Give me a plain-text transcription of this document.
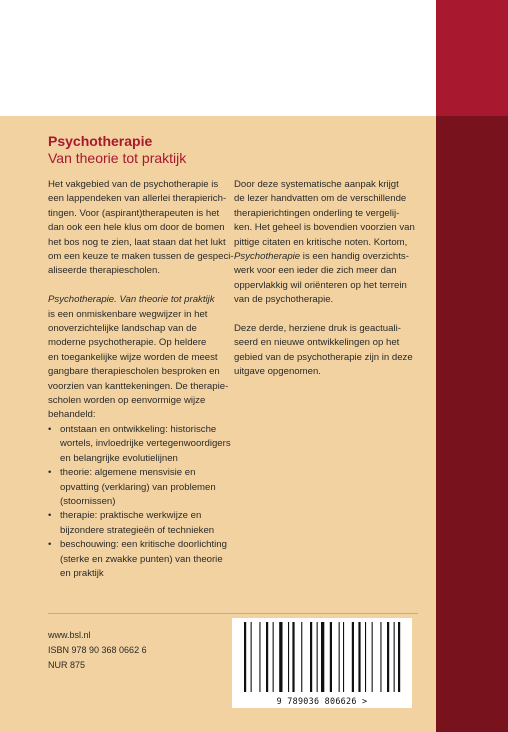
Psychotherapie
Van theorie tot praktijk

Het vakgebied van de psychotherapie is
een lappendeken van allerlei therapierich-
tingen. Voor (aspirant)therapeuten is het
dan ook een hele klus om door de bomen
het bos nog te zien, laat staan dat het lukt
om een keuze te maken tussen de gespeci-
aliseerde therapiescholen.

Psychotherapie. Van theorie tot praktijk
is een onmiskenbare wegwijzer in het
onoverzichtelijke landschap van de
moderne psychotherapie. Op heldere
en toegankelijke wijze worden de meest
gangbare therapiescholen besproken en
voorzien van kanttekeningen. De therapie-
scholen worden op eenvormige wijze
behandeld:

• ontstaan en ontwikkeling: historische
wortels, invloedrijke vertegenwoordigers
en belangrijke evolutielijnen
• theorie: algemene mensvisie en
opvatting (verklaring) van problemen
(stoornissen)
• therapie: praktische werkwijze en
bijzondere strategieën of technieken
• beschouwing: een kritische doorlichting
(sterke en zwakke punten) van theorie
en praktijk

Door deze systematische aanpak krijgt
de lezer handvatten om de verschillende
therapierichtingen onderling te vergelij-
ken. Het geheel is bovendien voorzien van
pittige citaten en kritische noten. Kortom,
Psychotherapie is een handig overzichts-
werk voor een ieder die zich meer dan
oppervlakkig wil oriënteren op het terrein
van de psychotherapie.

Deze derde, herziene druk is geactuali-
seerd en nieuwe ontwikkelingen op het
gebied van de psychotherapie zijn in deze
uitgave opgenomen.

www.bsl.nl
ISBN 978 90 368 0662 6
NUR 875
9 789036 806626 >
